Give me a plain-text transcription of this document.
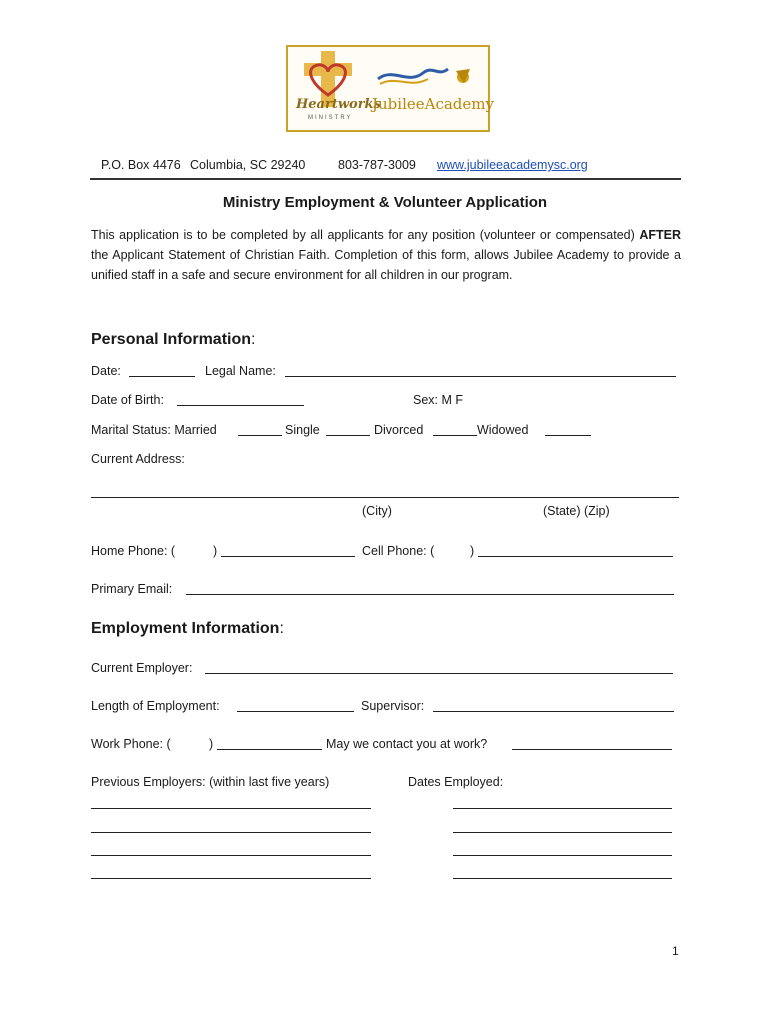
Heartworks
MINISTRY
JubileeAcademy
P.O. Box 4476 Columbia, SC 29240	803-787-3009 www.jubileeacademysc.org
Ministry Employment & Volunteer Application
This application is to be completed by all applicants for any position (volunteer or compensated) AFTER the Applicant Statement of Christian Faith. Completion of this form, allows Jubilee Academy to provide a unified staff in a safe and secure environment for all children in our program.
Personal Information:
Date:	Legal Name:
Date of Birth:	Sex: M F
Marital Status: Married	Single	Divorced	Widowed
Current Address:
(City)	(State) (Zip)
Home Phone: (	)	Cell Phone: (	)
Primary Email:
Employment Information:
Current Employer:
Length of Employment:	Supervisor:
Work Phone: (	)	May we contact you at work?
Previous Employers: (within last five years)	Dates Employed:
1
